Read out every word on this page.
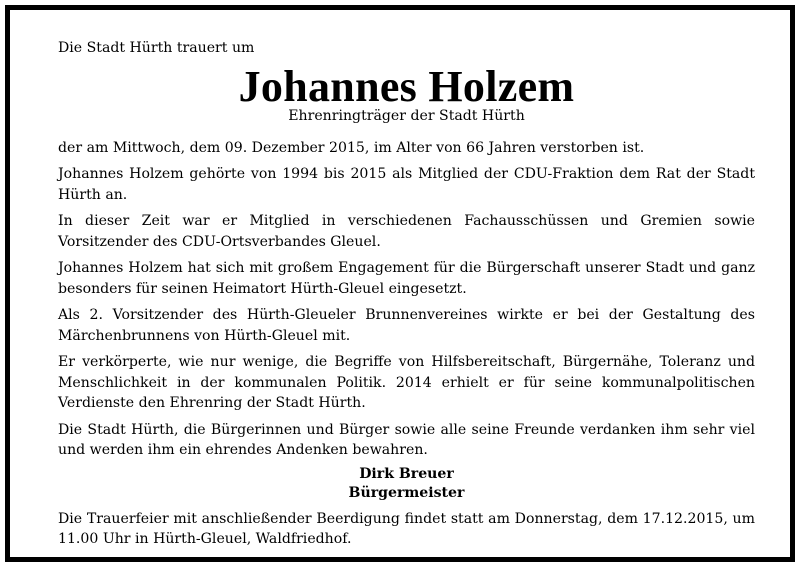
Die Stadt Hürth trauert um

Johannes Holzem

Ehrenringträger der Stadt Hürth

der am Mittwoch, dem 09. Dezember 2015, im Alter von 66 Jahren verstorben ist.

Johannes Holzem gehörte von 1994 bis 2015 als Mitglied der CDU-Fraktion dem Rat der Stadt Hürth an.

In dieser Zeit war er Mitglied in verschiedenen Fachausschüssen und Gremien sowie Vorsitzender des CDU-Ortsverbandes Gleuel.

Johannes Holzem hat sich mit großem Engagement für die Bürgerschaft unserer Stadt und ganz besonders für seinen Heimatort Hürth-Gleuel eingesetzt.

Als 2. Vorsitzender des Hürth-Gleueler Brunnenvereines wirkte er bei der Gestaltung des Märchenbrunnens von Hürth-Gleuel mit.

Er verkörperte, wie nur wenige, die Begriffe von Hilfsbereitschaft, Bürgernähe, Toleranz und Menschlichkeit in der kommunalen Politik. 2014 erhielt er für seine kommunalpolitischen Verdienste den Ehrenring der Stadt Hürth.

Die Stadt Hürth, die Bürgerinnen und Bürger sowie alle seine Freunde verdanken ihm sehr viel und werden ihm ein ehrendes Andenken bewahren.

Dirk Breuer

Bürgermeister

Die Trauerfeier mit anschließender Beerdigung findet statt am Donnerstag, dem 17.12.2015, um 11.00 Uhr in Hürth-Gleuel, Waldfriedhof.
